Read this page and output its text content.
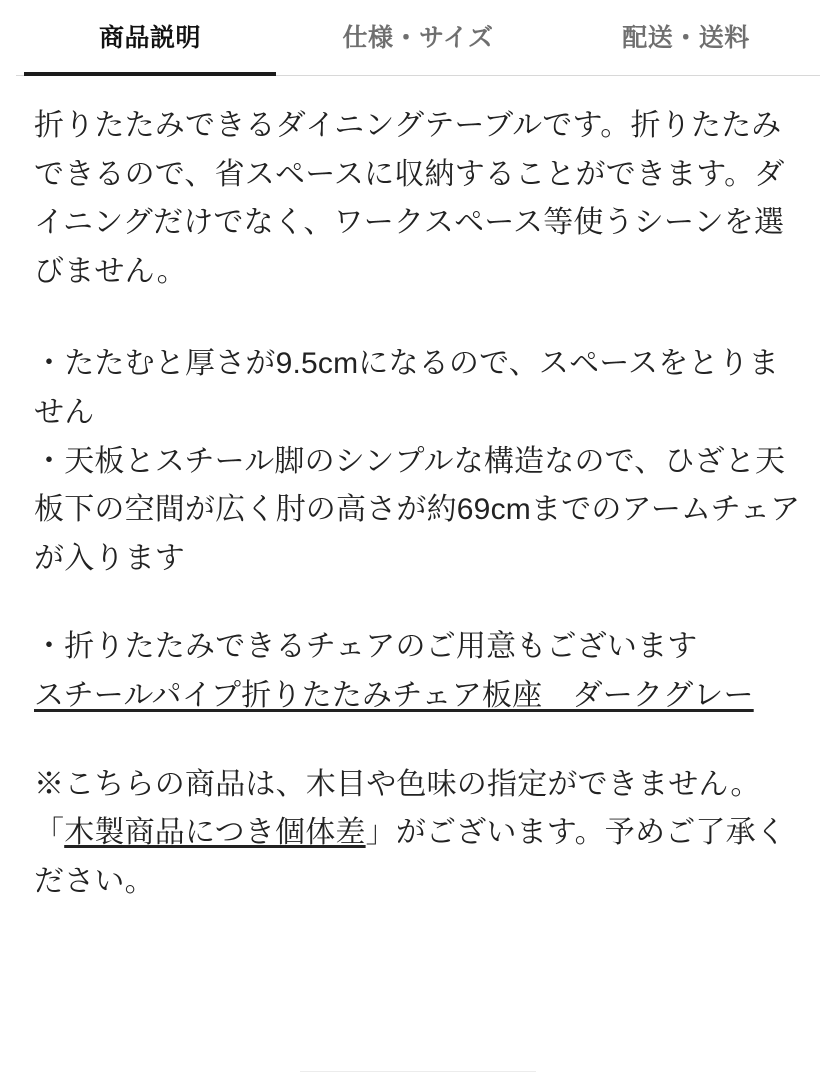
商品説明	仕様・サイズ	配送・送料

折りたたみできるダイニングテーブルです。折りたたみできるので、省スペースに収納することができます。ダイニングだけでなく、ワークスペース等使うシーンを選びません。

・たたむと厚さが9.5cmになるので、スペースをとりません

・天板とスチール脚のシンプルな構造なので、ひざと天板下の空間が広く肘の高さが約69cmまでのアームチェアが入ります

・折りたたみできるチェアのご用意もございます

スチールパイプ折りたたみチェア板座　ダークグレー

※こちらの商品は、木目や色味の指定ができません。

「木製商品につき個体差」がございます。予めご了承ください。
